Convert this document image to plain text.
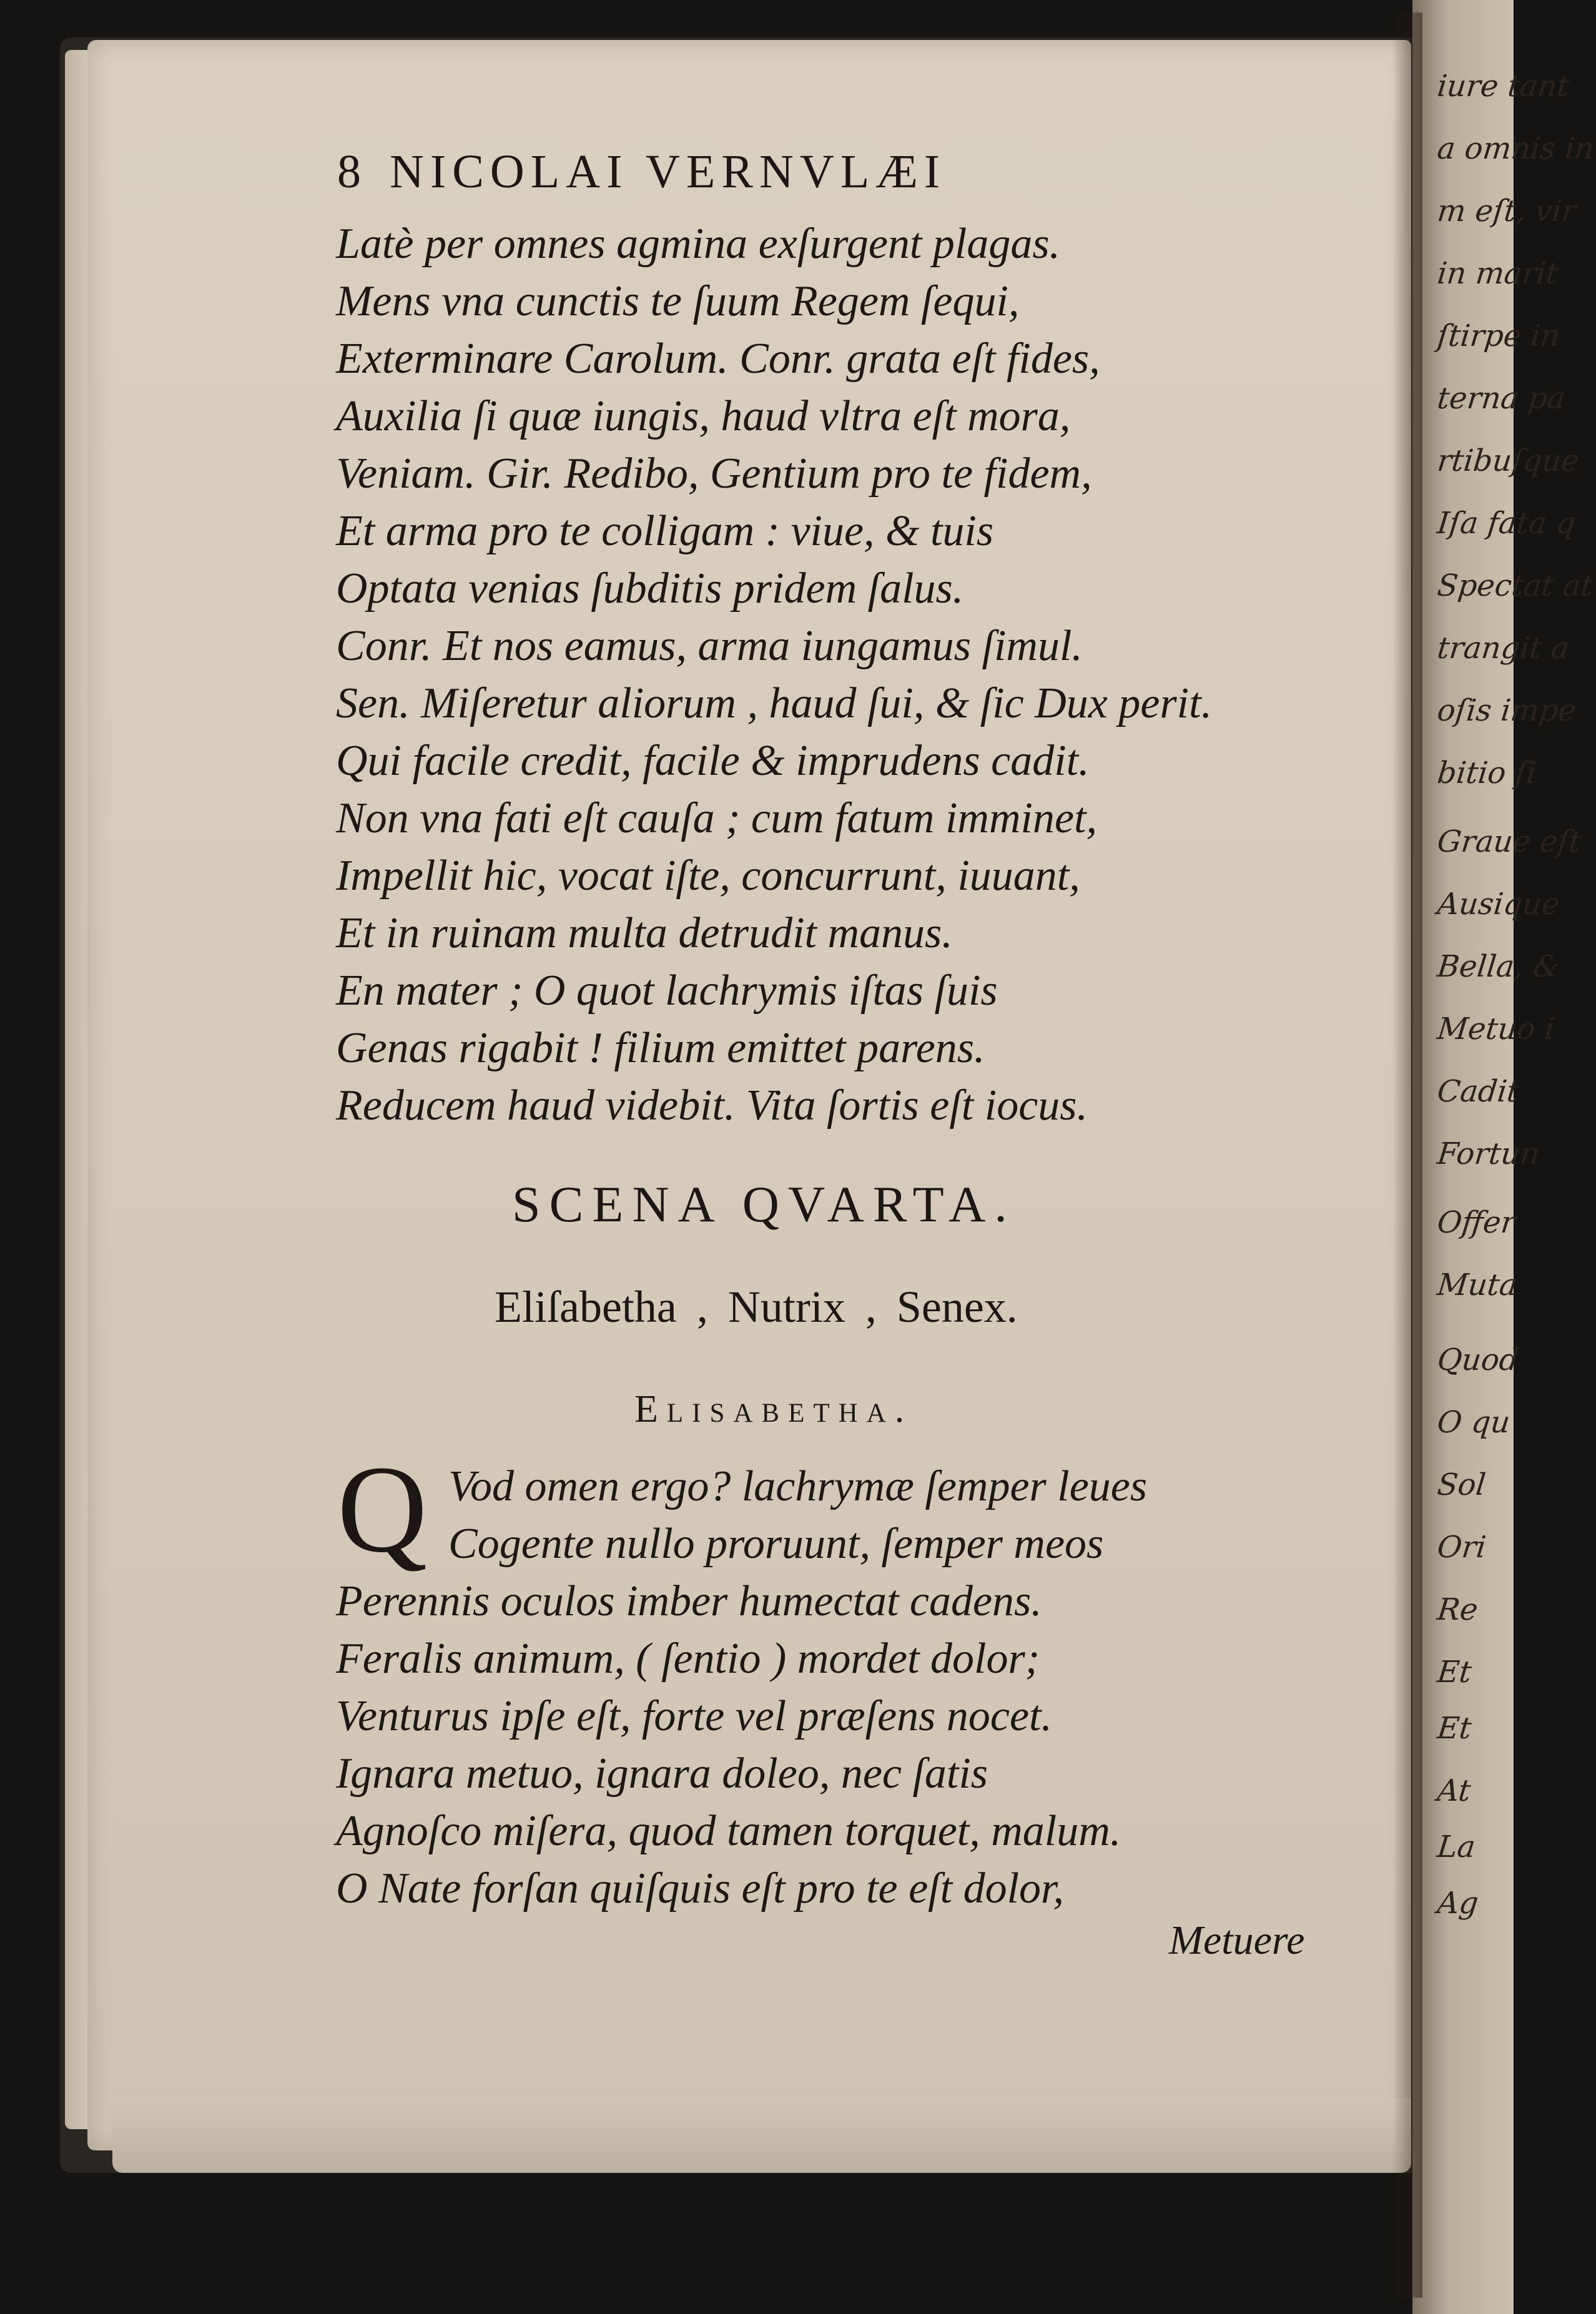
iure tant
a omnis in
m eſt, vir
in marit
ſtirpe in
terna pa
rtibuſque
Iſa fata q
Spectat at
trangit a
oſis impe
bitio ſi
Graue eſt
Ausique
Bella, &
Metuo i
Cadit
Fortun
Offer
Muta
Quod
O qu
Sol
Ori
Re
Et
Et
At
La
Ag
8 NICOLAI VERNVLÆI
Latè per omnes agmina exſurgent plagas.
Mens vna cunctis te ſuum Regem ſequi,
Exterminare Carolum. Conr. grata eſt fides,
Auxilia ſi quæ iungis, haud vltra eſt mora,
Veniam. Gir. Redibo, Gentium pro te fidem,
Et arma pro te colligam : viue, & tuis
Optata venias ſubditis pridem ſalus.
Conr. Et nos eamus, arma iungamus ſimul.
Sen. Miſeretur aliorum , haud ſui, & ſic Dux perit.
Qui facile credit, facile & imprudens cadit.
Non vna fati eſt cauſa ; cum fatum imminet,
Impellit hic, vocat iſte, concurrunt, iuuant,
Et in ruinam multa detrudit manus.
En mater ; O quot lachrymis iſtas ſuis
Genas rigabit ! filium emittet parens.
Reducem haud videbit. Vita ſortis eſt iocus.
SCENA QVARTA.
Eliſabetha , Nutrix , Senex.
Elisabetha.
Q Vod omen ergo? lachrymæ ſemper leues
Cogente nullo proruunt, ſemper meos
Perennis oculos imber humectat cadens.
Feralis animum, ( ſentio ) mordet dolor;
Venturus ipſe eſt, forte vel præſens nocet.
Ignara metuo, ignara doleo, nec ſatis
Agnoſco miſera, quod tamen torquet, malum.
O Nate forſan quiſquis eſt pro te eſt dolor,
Metuere
